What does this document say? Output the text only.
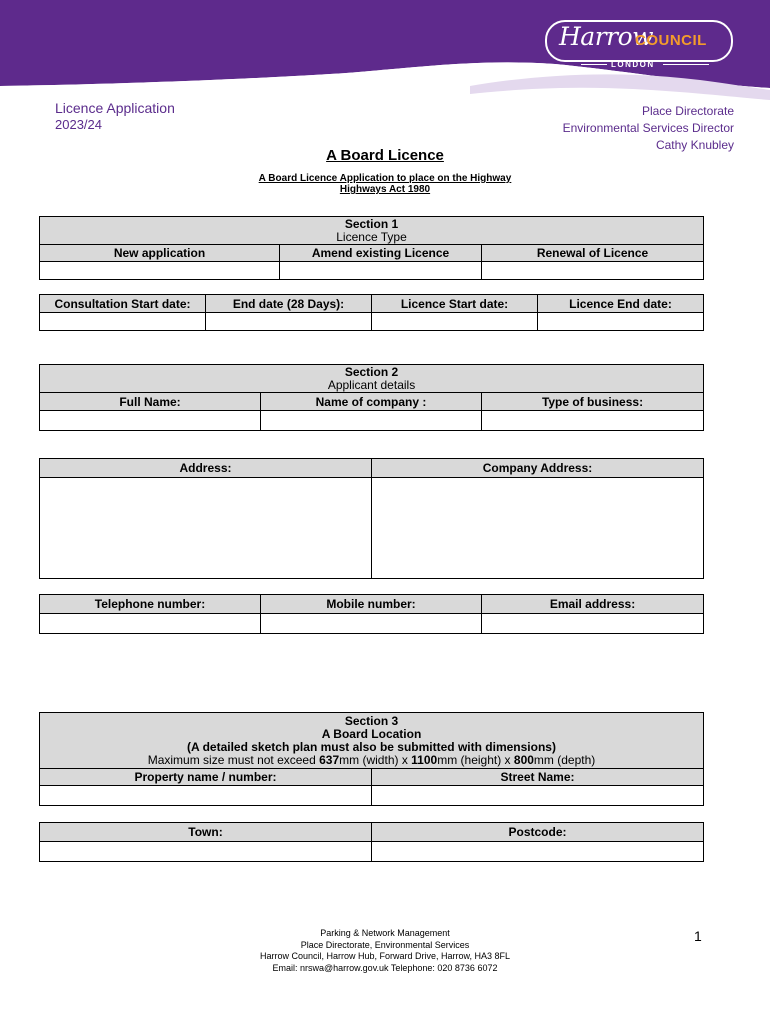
Harrow
COUNCIL
LONDON
Licence Application
2023/24
Place Directorate
Environmental Services Director
Cathy Knubley
A Board Licence
A Board Licence Application to place on the Highway
Highways Act 1980
Section 1
Licence Type		

New application	Amend existing Licence	Renewal of Licence

Consultation Start date:	End date (28 Days):	Licence Start date:	Licence End date:

Section 2
Applicant details		

Full Name:	Name of company :	Type of business:

Address:	Company Address:

Telephone number:	Mobile number:	Email address:

Section 3
A Board Location
(A detailed sketch plan must also be submitted with dimensions)
Maximum size must not exceed 637mm (width) x 1100mm (height) x 800mm (depth)	

Property name / number:	Street Name:

Town:	Postcode:

Parking & Network Management
Place Directorate, Environmental Services
Harrow Council, Harrow Hub, Forward Drive, Harrow, HA3 8FL
Email: nrswa@harrow.gov.uk Telephone: 020 8736 6072
1
